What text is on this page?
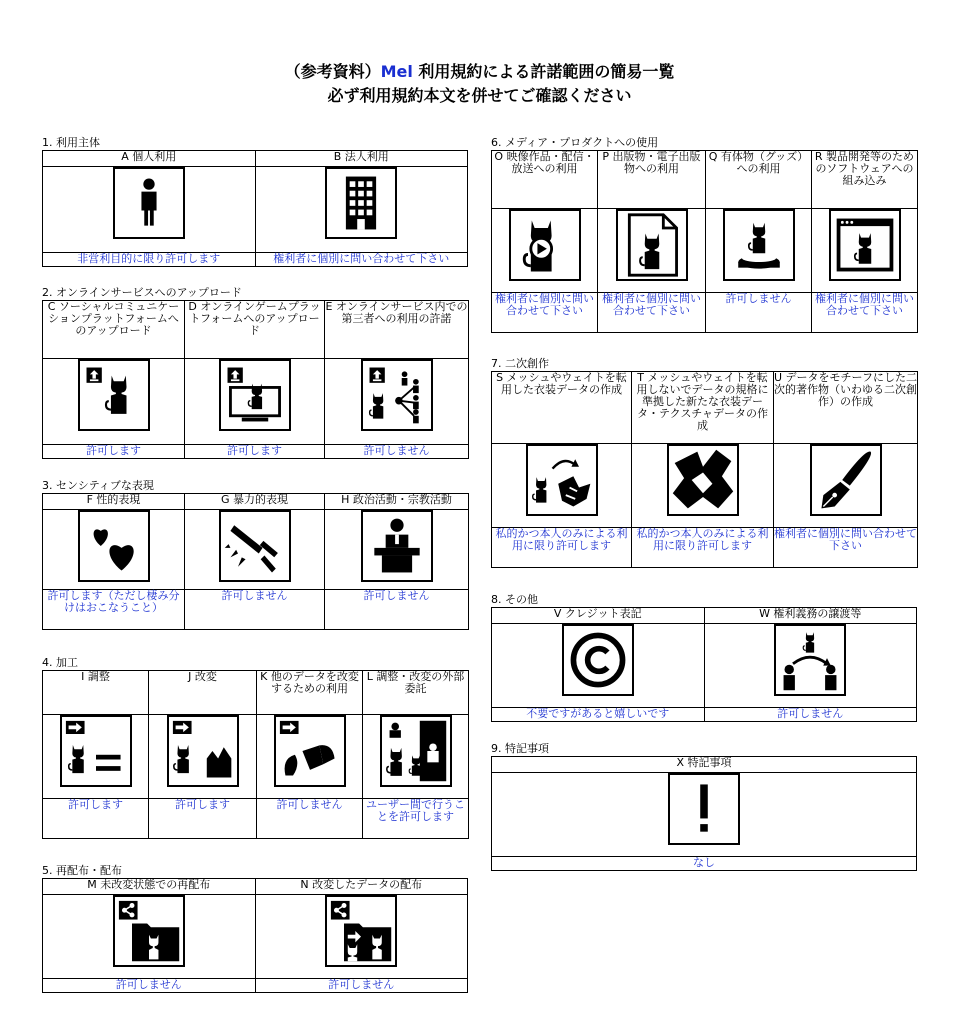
（参考資料）Mel 利用規約による許諾範囲の簡易一覧
必ず利用規約本文を併せてご確認ください
1. 利用主体
A 個人利用	B 法人利用

非営利目的に限り許可します	権利者に個別に問い合わせて下さい
2. オンラインサービスへのアップロード
C ソーシャルコミュニケーションプラットフォームへのアップロード	D オンラインゲームプラットフォームへのアップロード	E オンラインサービス内での第三者への利用の許諾

許可します	許可します	許可しません
3. センシティブな表現
F 性的表現	G 暴力的表現	H 政治活動・宗教活動

許可します（ただし棲み分けはおこなうこと）	許可しません	許可しません
4. 加工
I 調整	J 改変	K 他のデータを改変するための利用	L 調整・改変の外部委託

許可します	許可します	許可しません	ユーザー間で行うことを許可します
5. 再配布・配布
M 未改変状態での再配布	N 改変したデータの配布

許可しません	許可しません
6. メディア・プロダクトへの使用
O 映像作品・配信・放送への利用	P 出版物・電子出版物への利用	Q 有体物（グッズ）への利用	R 製品開発等のためのソフトウェアへの組み込み

権利者に個別に問い合わせて下さい	権利者に個別に問い合わせて下さい	許可しません	権利者に個別に問い合わせて下さい
7. 二次創作
S メッシュやウェイトを転用した衣装データの作成	T メッシュやウェイトを転用しないでデータの規格に準拠した新たな衣装データ・テクスチャデータの作成	U データをモチーフにした二次的著作物（いわゆる二次創作）の作成

私的かつ本人のみによる利用に限り許可します	私的かつ本人のみによる利用に限り許可します	権利者に個別に問い合わせて下さい
8. その他
V クレジット表記	W 権利義務の譲渡等

不要ですがあると嬉しいです	許可しません
9. 特記事項
X 特記事項

なし
